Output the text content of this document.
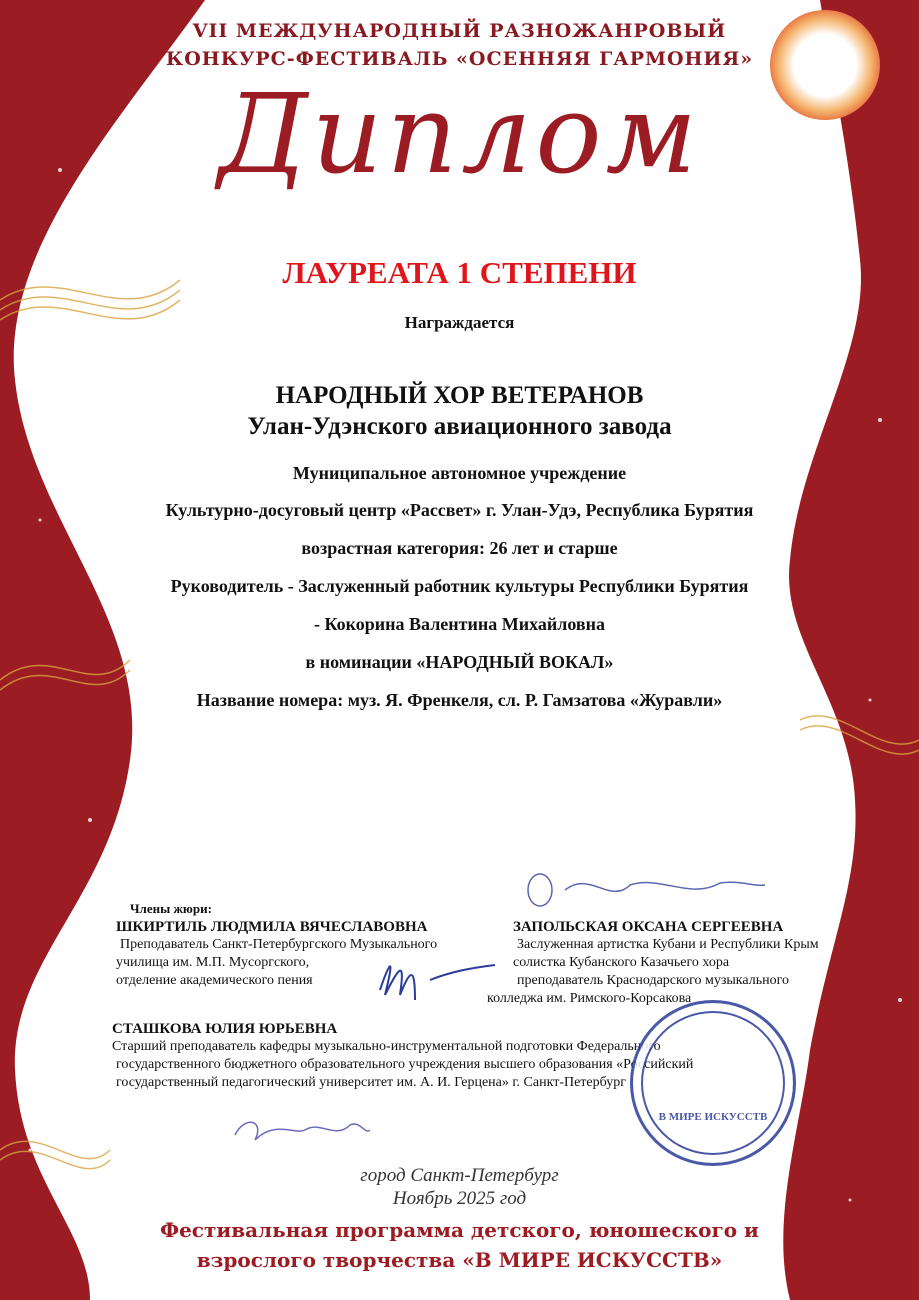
VII МЕЖДУНАРОДНЫЙ РАЗНОЖАНРОВЫЙ
КОНКУРС-ФЕСТИВАЛЬ «ОСЕННЯЯ ГАРМОНИЯ»
Диплом
ЛАУРЕАТА 1 СТЕПЕНИ
Награждается
НАРОДНЫЙ ХОР ВЕТЕРАНОВ
Улан-Удэнского авиационного завода
Муниципальное автономное учреждение
Культурно-досуговый центр «Рассвет» г. Улан-Удэ, Республика Бурятия
возрастная категория: 26 лет и старше
Руководитель - Заслуженный работник культуры Республики Бурятия
- Кокорина Валентина Михайловна
в номинации «НАРОДНЫЙ ВОКАЛ»
Название номера: муз. Я. Френкеля, сл. Р. Гамзатова «Журавли»
Члены жюри:
ШКИРТИЛЬ ЛЮДМИЛА ВЯЧЕСЛАВОВНА
Преподаватель Санкт-Петербургского Музыкального
училища им. М.П. Мусоргского,
отделение академического пения
ЗАПОЛЬСКАЯ ОКСАНА СЕРГЕЕВНА
Заслуженная артистка Кубани и Республики Крым
солистка Кубанского Казачьего хора
преподаватель Краснодарского музыкального
колледжа им. Римского-Корсакова
СТАШКОВА ЮЛИЯ ЮРЬЕВНА
Старший преподаватель кафедры музыкально-инструментальной подготовки Федерального
государственного бюджетного образовательного учреждения высшего образования «Российский
государственный педагогический университет им. А. И. Герцена» г. Санкт-Петербург
В МИРЕ ИСКУССТВ
город Санкт-Петербург
Ноябрь 2025 год
Фестивальная программа детского, юношеского и
взрослого творчества «В МИРЕ ИСКУССТВ»
